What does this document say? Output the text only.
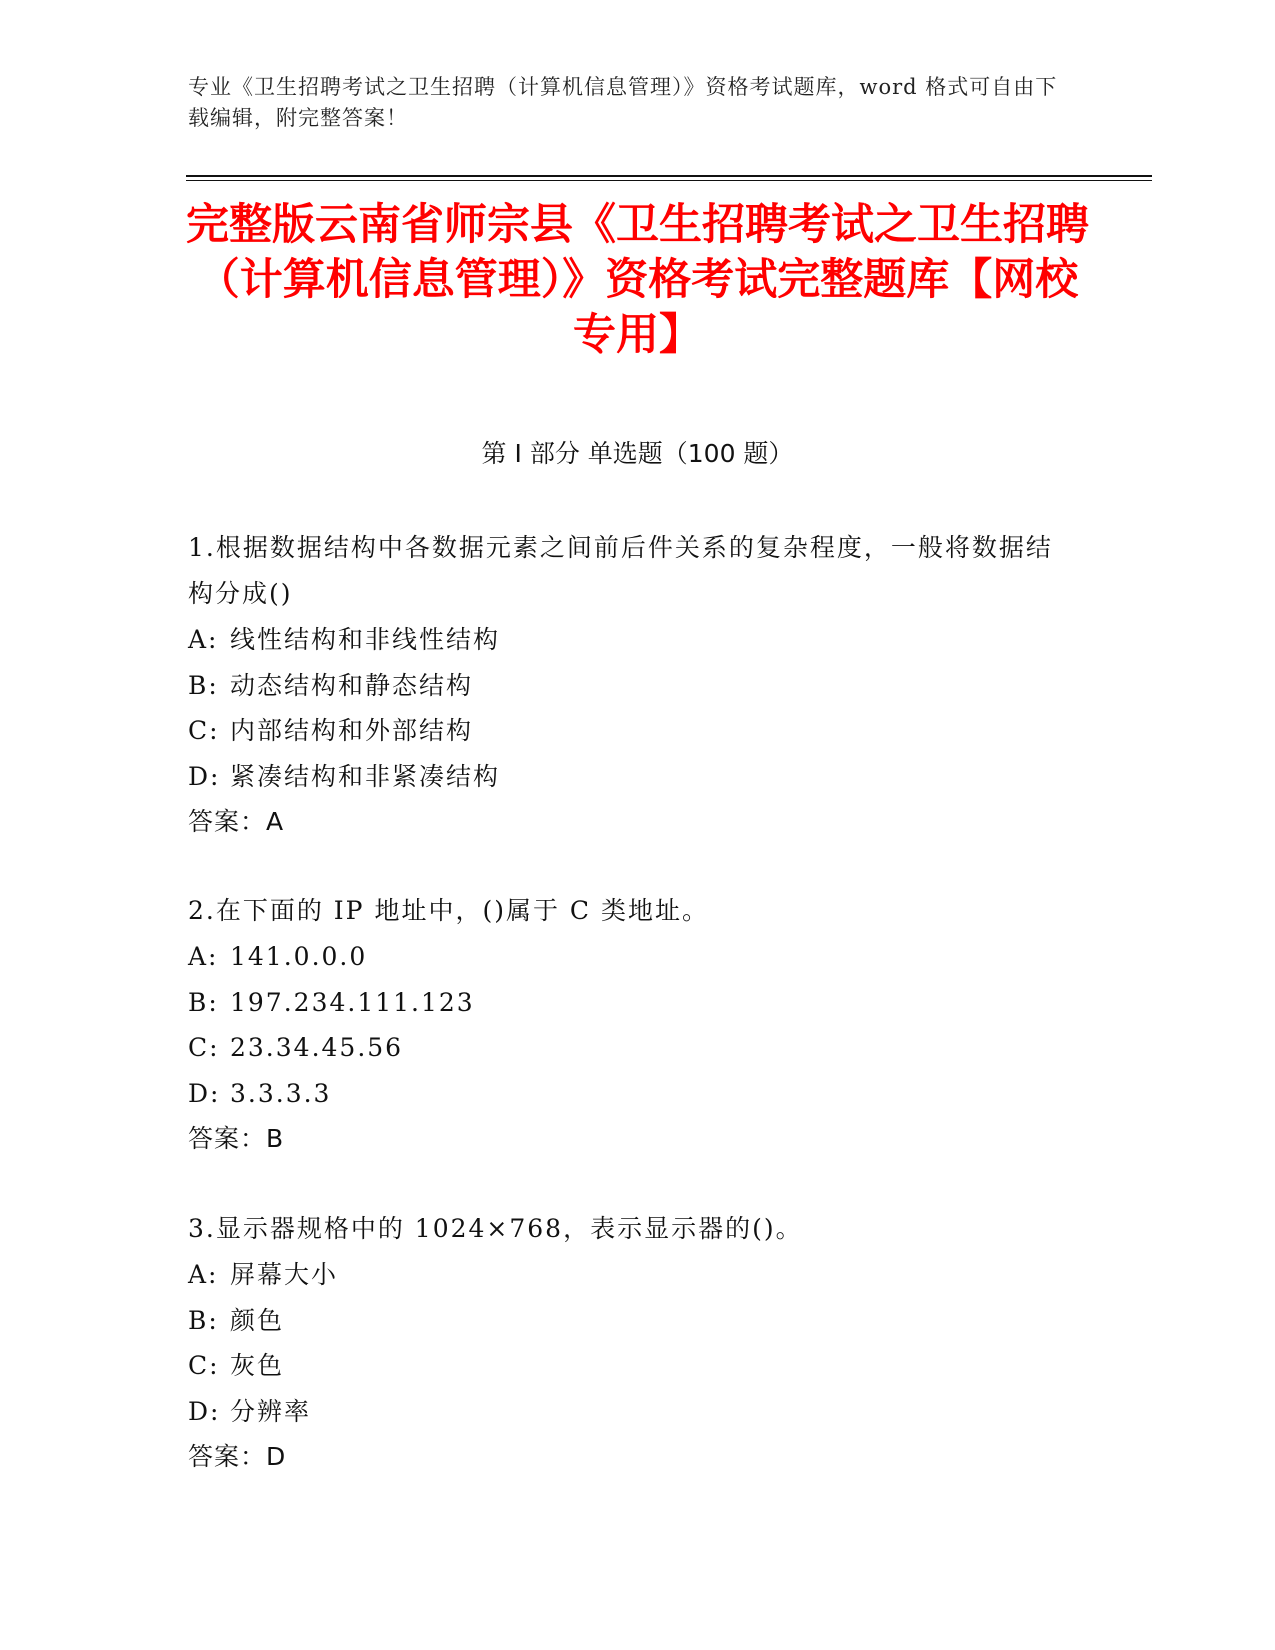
专业《卫生招聘考试之卫生招聘（计算机信息管理）》资格考试题库，word 格式可自由下载编辑，附完整答案！
完整版云南省师宗县《卫生招聘考试之卫生招聘（计算机信息管理）》资格考试完整题库【网校专用】
第 I 部分 单选题（100 题）
1.根据数据结构中各数据元素之间前后件关系的复杂程度，一般将数据结构分成()
A: 线性结构和非线性结构
B: 动态结构和静态结构
C: 内部结构和外部结构
D: 紧凑结构和非紧凑结构
答案：A
2.在下面的 IP 地址中，()属于 C 类地址。
A: 141.0.0.0
B: 197.234.111.123
C: 23.34.45.56
D: 3.3.3.3
答案：B
3.显示器规格中的 1024×768，表示显示器的()。
A: 屏幕大小
B: 颜色
C: 灰色
D: 分辨率
答案：D
